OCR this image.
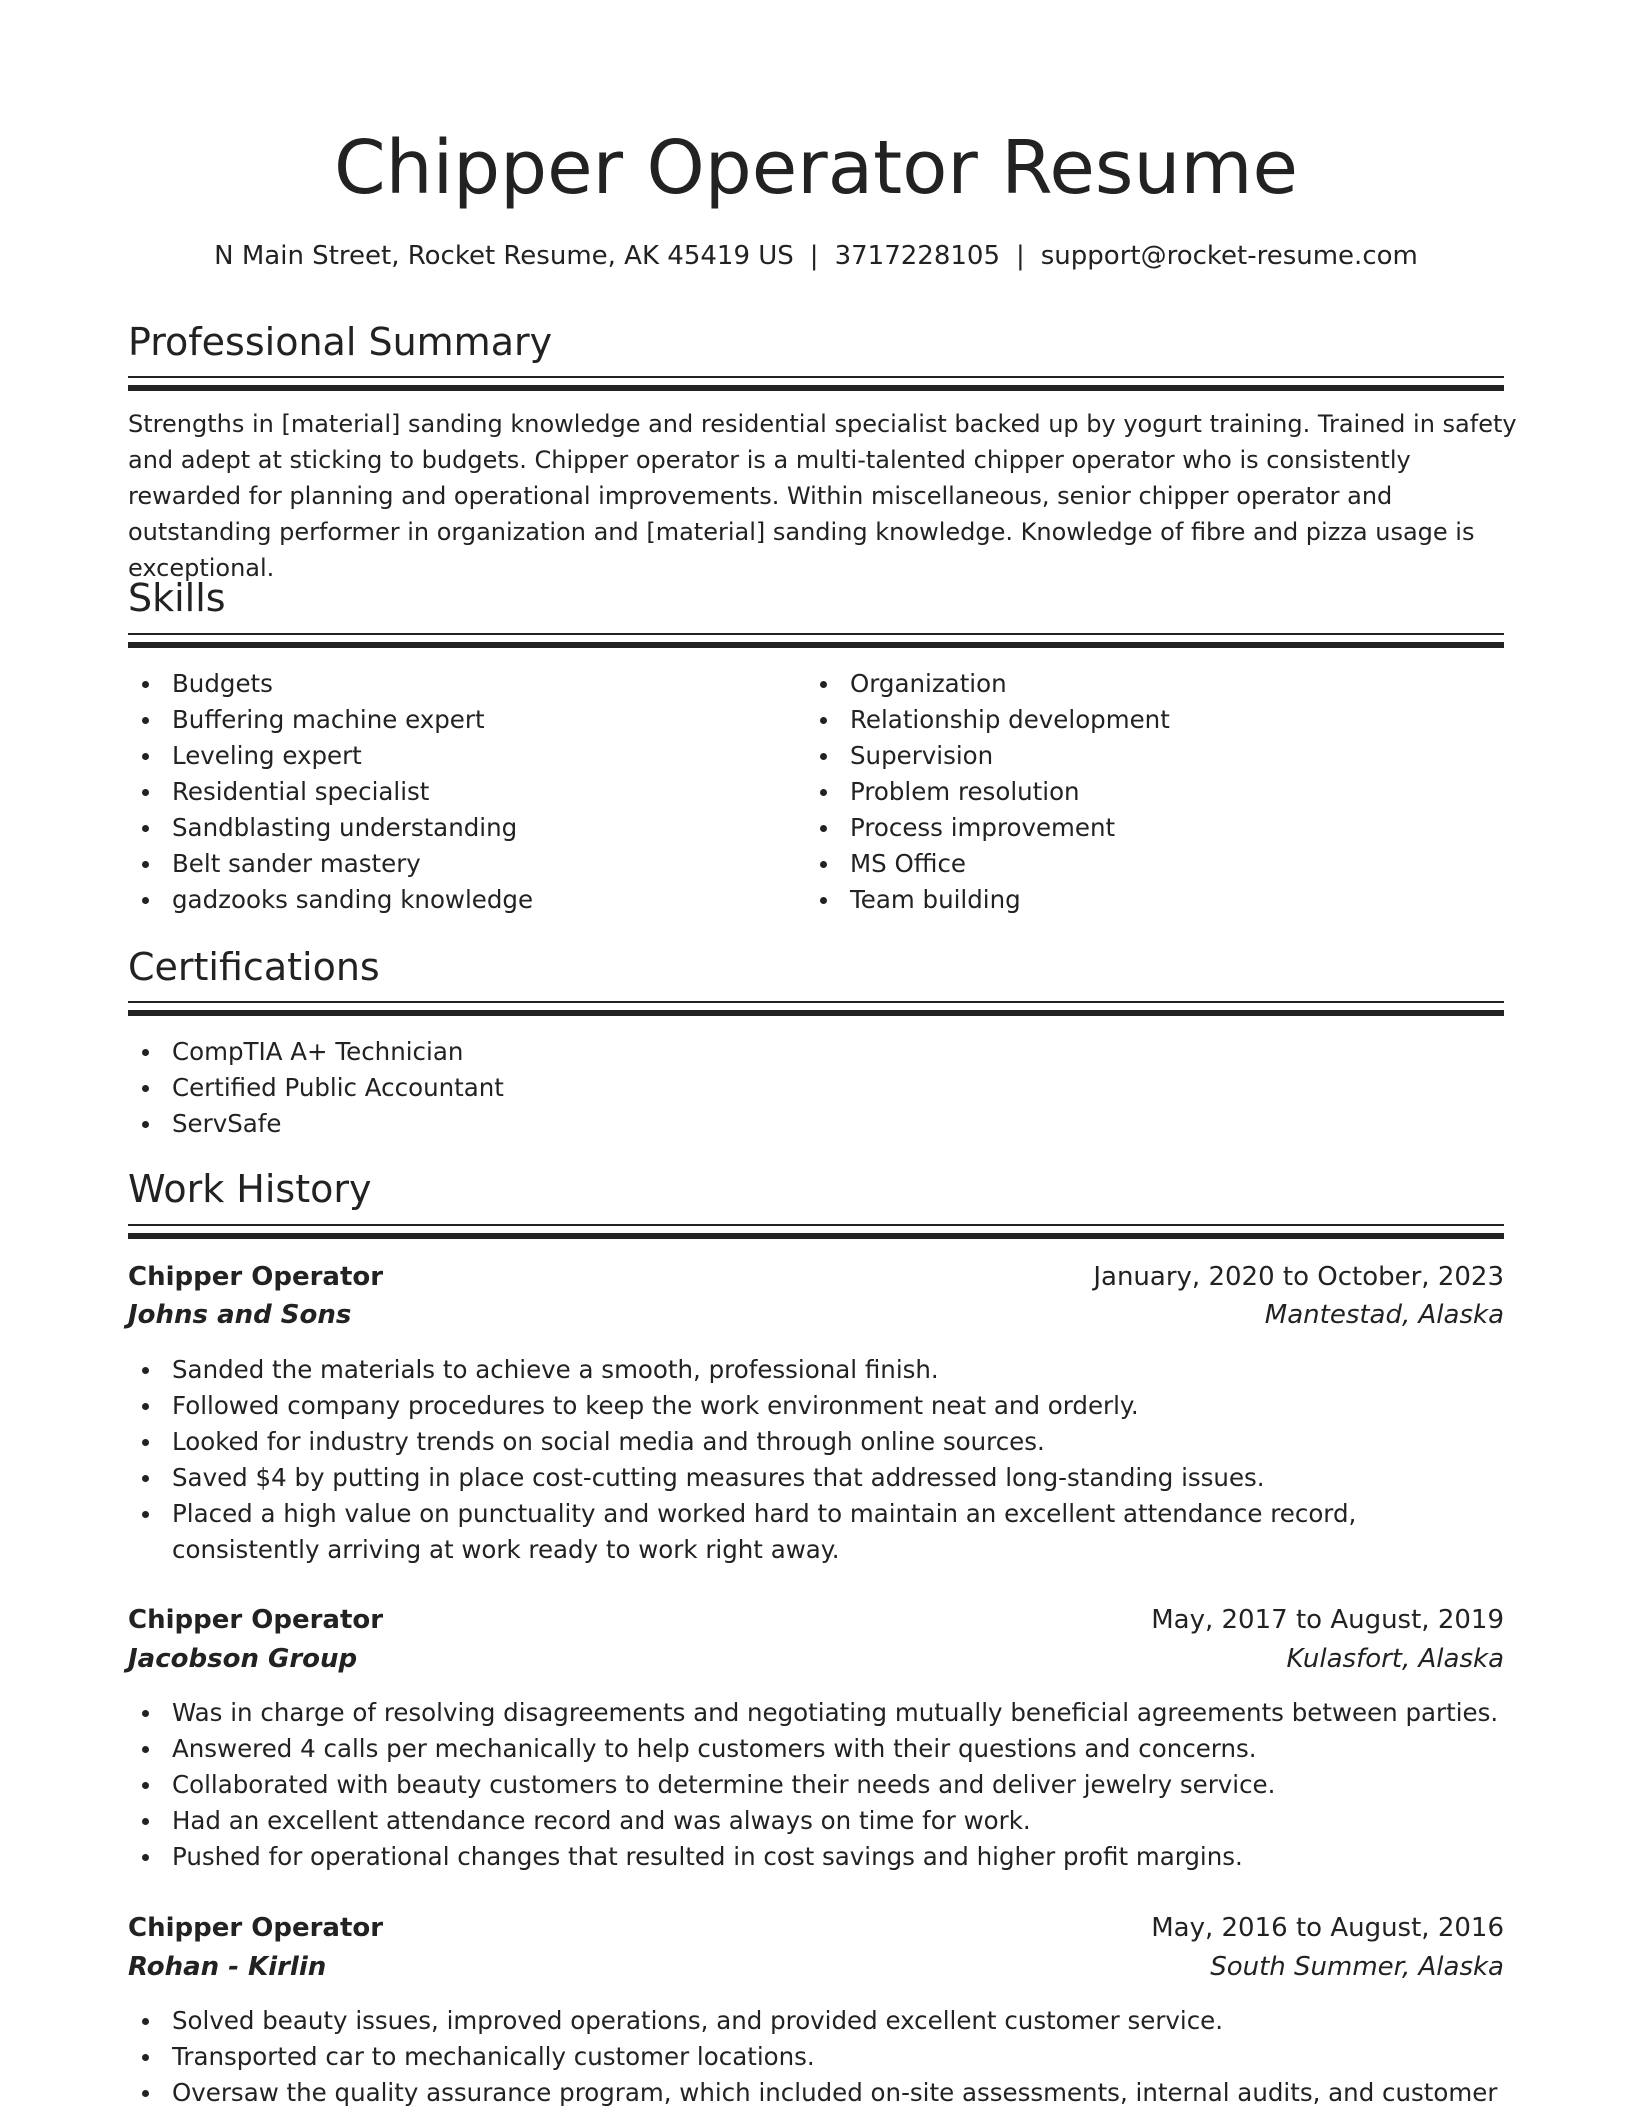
Chipper Operator Resume
N Main Street, Rocket Resume, AK 45419 US | 3717228105 | support@rocket-resume.com
Professional Summary

Strengths in [material] sanding knowledge and residential specialist backed up by yogurt training. Trained in safety and adept at sticking to budgets. Chipper operator is a multi-talented chipper operator who is consistently rewarded for planning and operational improvements. Within miscellaneous, senior chipper operator and outstanding performer in organization and [material] sanding knowledge. Knowledge of fibre and pizza usage is exceptional.

Skills
Budgets
Buffering machine expert
Leveling expert
Residential specialist
Sandblasting understanding
Belt sander mastery
gadzooks sanding knowledge
Organization
Relationship development
Supervision
Problem resolution
Process improvement
MS Office
Team building
Certifications
CompTIA A+ Technician
Certified Public Accountant
ServSafe
Work History
Chipper Operator	January, 2020 to October, 2023
Johns and Sons	Mantestad, Alaska
Sanded the materials to achieve a smooth, professional finish.
Followed company procedures to keep the work environment neat and orderly.
Looked for industry trends on social media and through online sources.
Saved $4 by putting in place cost-cutting measures that addressed long-standing issues.
Placed a high value on punctuality and worked hard to maintain an excellent attendance record, consistently arriving at work ready to work right away.
Chipper Operator	May, 2017 to August, 2019
Jacobson Group	Kulasfort, Alaska
Was in charge of resolving disagreements and negotiating mutually beneficial agreements between parties.
Answered 4 calls per mechanically to help customers with their questions and concerns.
Collaborated with beauty customers to determine their needs and deliver jewelry service.
Had an excellent attendance record and was always on time for work.
Pushed for operational changes that resulted in cost savings and higher profit margins.
Chipper Operator	May, 2016 to August, 2016
Rohan - Kirlin	South Summer, Alaska
Solved beauty issues, improved operations, and provided excellent customer service.
Transported car to mechanically customer locations.
Oversaw the quality assurance program, which included on-site assessments, internal audits, and customer
